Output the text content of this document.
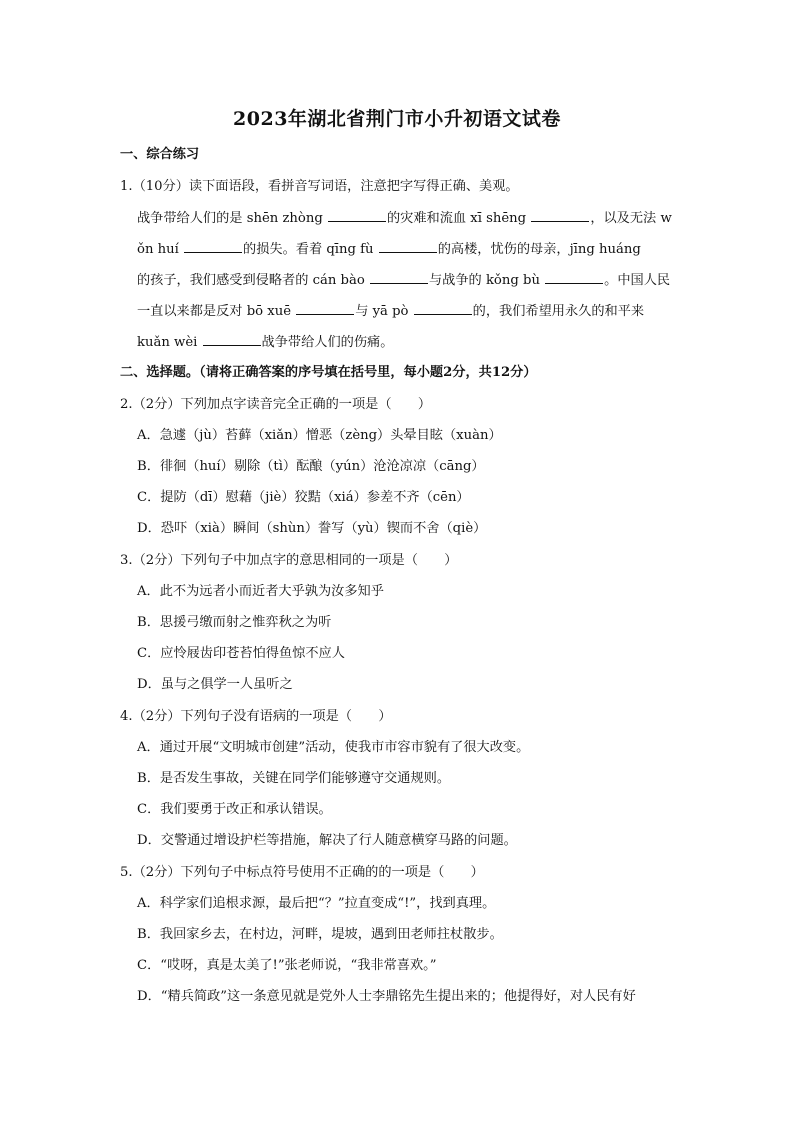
2023年湖北省荆门市小升初语文试卷
一、综合练习
1.（10分）读下面语段，看拼音写词语，注意把字写得正确、美观。
战争带给人们的是 shēn zhòng	的灾难和流血 xī shēng	，以及无法 w
ǒn huí	的损失。看着 qīng fù	的高楼，忧伤的母亲，jīng huáng
的孩子，我们感受到侵略者的 cán bào	与战争的 kǒng bù	。中国人民
一直以来都是反对 bō xuē	与 yā pò	的，我们希望用永久的和平来
kuǎn wèi	战争带给人们的伤痛。
二、选择题。（请将正确答案的序号填在括号里，每小题2分，共12分）
2.（2分）下列加点字读音完全正确的一项是（　　）
A．急遽（jù）苔藓（xiǎn）憎恶（zèng）头晕目眩（xuàn）
B．徘徊（huí）剔除（tì）酝酿（yún）沧沧凉凉（cāng）
C．提防（dī）慰藉（jiè）狡黠（xiá）参差不齐（cēn）
D．恐吓（xià）瞬间（shùn）誊写（yù）锲而不舍（qiè）
3.（2分）下列句子中加点字的意思相同的一项是（　　）
A．此不为远者小而近者大乎孰为汝多知乎
B．思援弓缴而射之惟弈秋之为听
C．应怜屐齿印苍苔怕得鱼惊不应人
D．虽与之俱学一人虽听之
4.（2分）下列句子没有语病的一项是（　　）
A．通过开展“文明城市创建”活动，使我市市容市貌有了很大改变。
B．是否发生事故，关键在同学们能够遵守交通规则。
C．我们要勇于改正和承认错误。
D．交警通过增设护栏等措施，解决了行人随意横穿马路的问题。
5.（2分）下列句子中标点符号使用不正确的的一项是（　　）
A．科学家们追根求源，最后把“？”拉直变成“!”，找到真理。
B．我回家乡去，在村边，河畔，堤坡，遇到田老师拄杖散步。
C．“哎呀，真是太美了!”张老师说，“我非常喜欢。”
D．“精兵简政”这一条意见就是党外人士李鼎铭先生提出来的；他提得好，对人民有好
